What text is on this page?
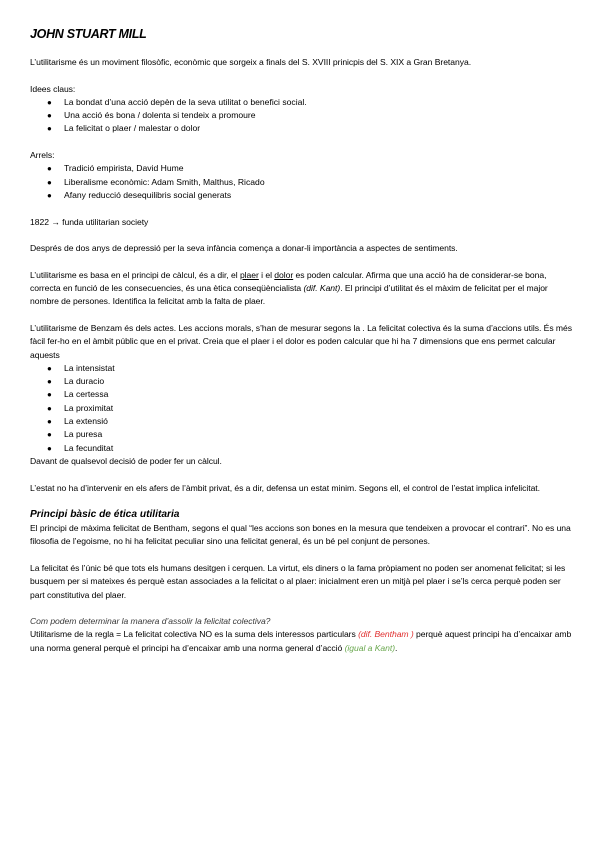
JOHN STUART MILL

L’utilitarisme és un moviment filosòfic, econòmic que sorgeix a finals del S. XVIII prinicpis del S. XIX a Gran Bretanya.

Idees claus:

● La bondat d’una acció depèn de la seva utilitat o benefici social.
● Una acció és bona / dolenta si tendeix a promoure
● La felicitat o plaer / malestar o dolor

Arrels:

● Tradició empirista, David Hume
● Liberalisme econòmic: Adam Smith, Malthus, Ricado
● Afany reducció desequilibris social generats

1822 → funda utilitarian society

Després de dos anys de depressió per la seva infància comença a donar-li importància a aspectes de sentiments.

L’utilitarisme es basa en el principi de càlcul, és a dir, el plaer i el dolor es poden calcular. Afirma que una acció ha de considerar-se bona, correcta en funció de les consecuencies, és una ètica conseqüèncialista (dif. Kant). El principi d’utilitat és el màxim de felicitat per el major nombre de persones. Identifica la felicitat amb la falta de plaer.

L’utilitarisme de Benzam és dels actes. Les accions morals, s’han de mesurar segons la . La felicitat colectiva és la suma d’accions utils. És més fàcil fer-ho en el àmbit públic que en el privat. Creia que el plaer i el dolor es poden calcular que hi ha 7 dimensions que ens permet calcular aquests

● La intensistat
● La duracio
● La certessa
● La proximitat
● La extensió
● La puresa
● La fecunditat

Davant de qualsevol decisió de poder fer un càlcul.

L’estat no ha d’intervenir en els afers de l’àmbit privat, és a dir, defensa un estat minim. Segons ell, el control de l’estat implica infelicitat.

Principi bàsic de ética utilitaria

El principi de màxima felicitat de Bentham, segons el qual “les accions son bones en la mesura que tendeixen a provocar el contrari”. No es una filosofia de l’egoisme, no hi ha felicitat peculiar sino una felicitat general, és un bé pel conjunt de persones.

La felicitat és l’únic bé que tots els humans desitgen i cerquen. La virtut, els diners o la fama pròpiament no poden ser anomenat felicitat; si les busquem per si mateixes és perquè estan associades a la felicitat o al plaer: inicialment eren un mitjà pel plaer i se’ls cerca perquè poden ser part constitutiva del plaer.

Com podem determinar la manera d’assolir la felicitat colectiva?

Utilitarisme de la regla = La felicitat colectiva NO es la suma dels interessos particulars (dif. Bentham ) perquè aquest principi ha d’encaixar amb una norma general perquè el principi ha d’encaixar amb una norma general d’acció (igual a Kant).
